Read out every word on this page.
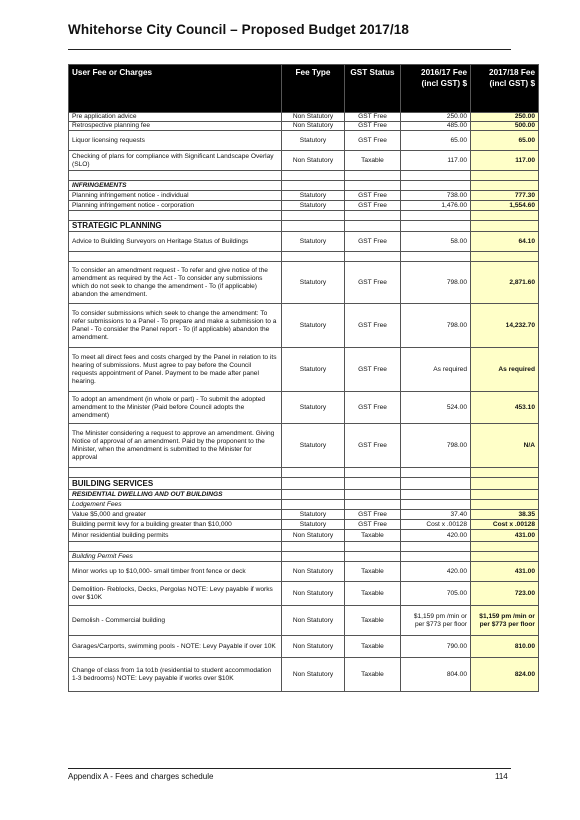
Whitehorse City Council – Proposed Budget 2017/18
User Fee or Charges	Fee Type	GST Status	2016/17 Fee (incl GST) $	2017/18 Fee (incl GST) $
Pre application advice	Non Statutory	GST Free	250.00	250.00
Retrospective planning fee	Non Statutory	GST Free	485.00	500.00
Liquor licensing requests	Statutory	GST Free	65.00	65.00
Checking of plans for compliance with Significant Landscape Overlay (SLO)	Non Statutory	Taxable	117.00	117.00

INFRINGEMENTS				
Planning infringement notice - individual	Statutory	GST Free	738.00	777.30
Planning infringement notice - corporation	Statutory	GST Free	1,476.00	1,554.60

STRATEGIC PLANNING				
Advice to Building Surveyors on Heritage Status of Buildings	Statutory	GST Free	58.00	64.10

To consider an amendment request - To refer and give notice of the amendment as required by the Act - To consider any submissions which do not seek to change the amendment - To (if applicable) abandon the amendment.	Statutory	GST Free	798.00	2,871.60
To consider submissions which seek to change the amendment: To refer submissions to a Panel - To prepare and make a submission to a Panel - To consider the Panel report - To (if applicable) abandon the amendment.	Statutory	GST Free	798.00	14,232.70
To meet all direct fees and costs charged by the Panel in relation to its hearing of submissions. Must agree to pay before the Council requests appointment of Panel. Payment to be made after panel hearing.	Statutory	GST Free	As required	As required
To adopt an amendment (in whole or part) - To submit the adopted amendment to the Minister (Paid before Council adopts the amendment)	Statutory	GST Free	524.00	453.10
The Minister considering a request to approve an amendment. Giving Notice of approval of an amendment. Paid by the proponent to the Minister, when the amendment is submitted to the Minister for approval	Statutory	GST Free	798.00	N/A

BUILDING SERVICES				
RESIDENTIAL DWELLING AND OUT BUILDINGS				
Lodgement Fees				
Value $5,000 and greater	Statutory	GST Free	37.40	38.35
Building permit levy for a building greater than $10,000	Statutory	GST Free	Cost x .00128	Cost x .00128
Minor residential building permits	Non Statutory	Taxable	420.00	431.00

Building Permit Fees				
Minor works up to $10,000- small timber front fence or deck	Non Statutory	Taxable	420.00	431.00
Demolition- Reblocks, Decks, Pergolas NOTE: Levy payable if works over $10K	Non Statutory	Taxable	705.00	723.00
Demolish - Commercial building	Non Statutory	Taxable	$1,159 pm /min or per $773 per floor	$1,159 pm /min or per $773 per floor
Garages/Carports, swimming pools - NOTE: Levy Payable if over 10K	Non Statutory	Taxable	790.00	810.00
Change of class from 1a to1b (residential to student accommodation 1-3 bedrooms) NOTE: Levy payable if works over $10K	Non Statutory	Taxable	804.00	824.00
Appendix A - Fees and charges schedule	114
